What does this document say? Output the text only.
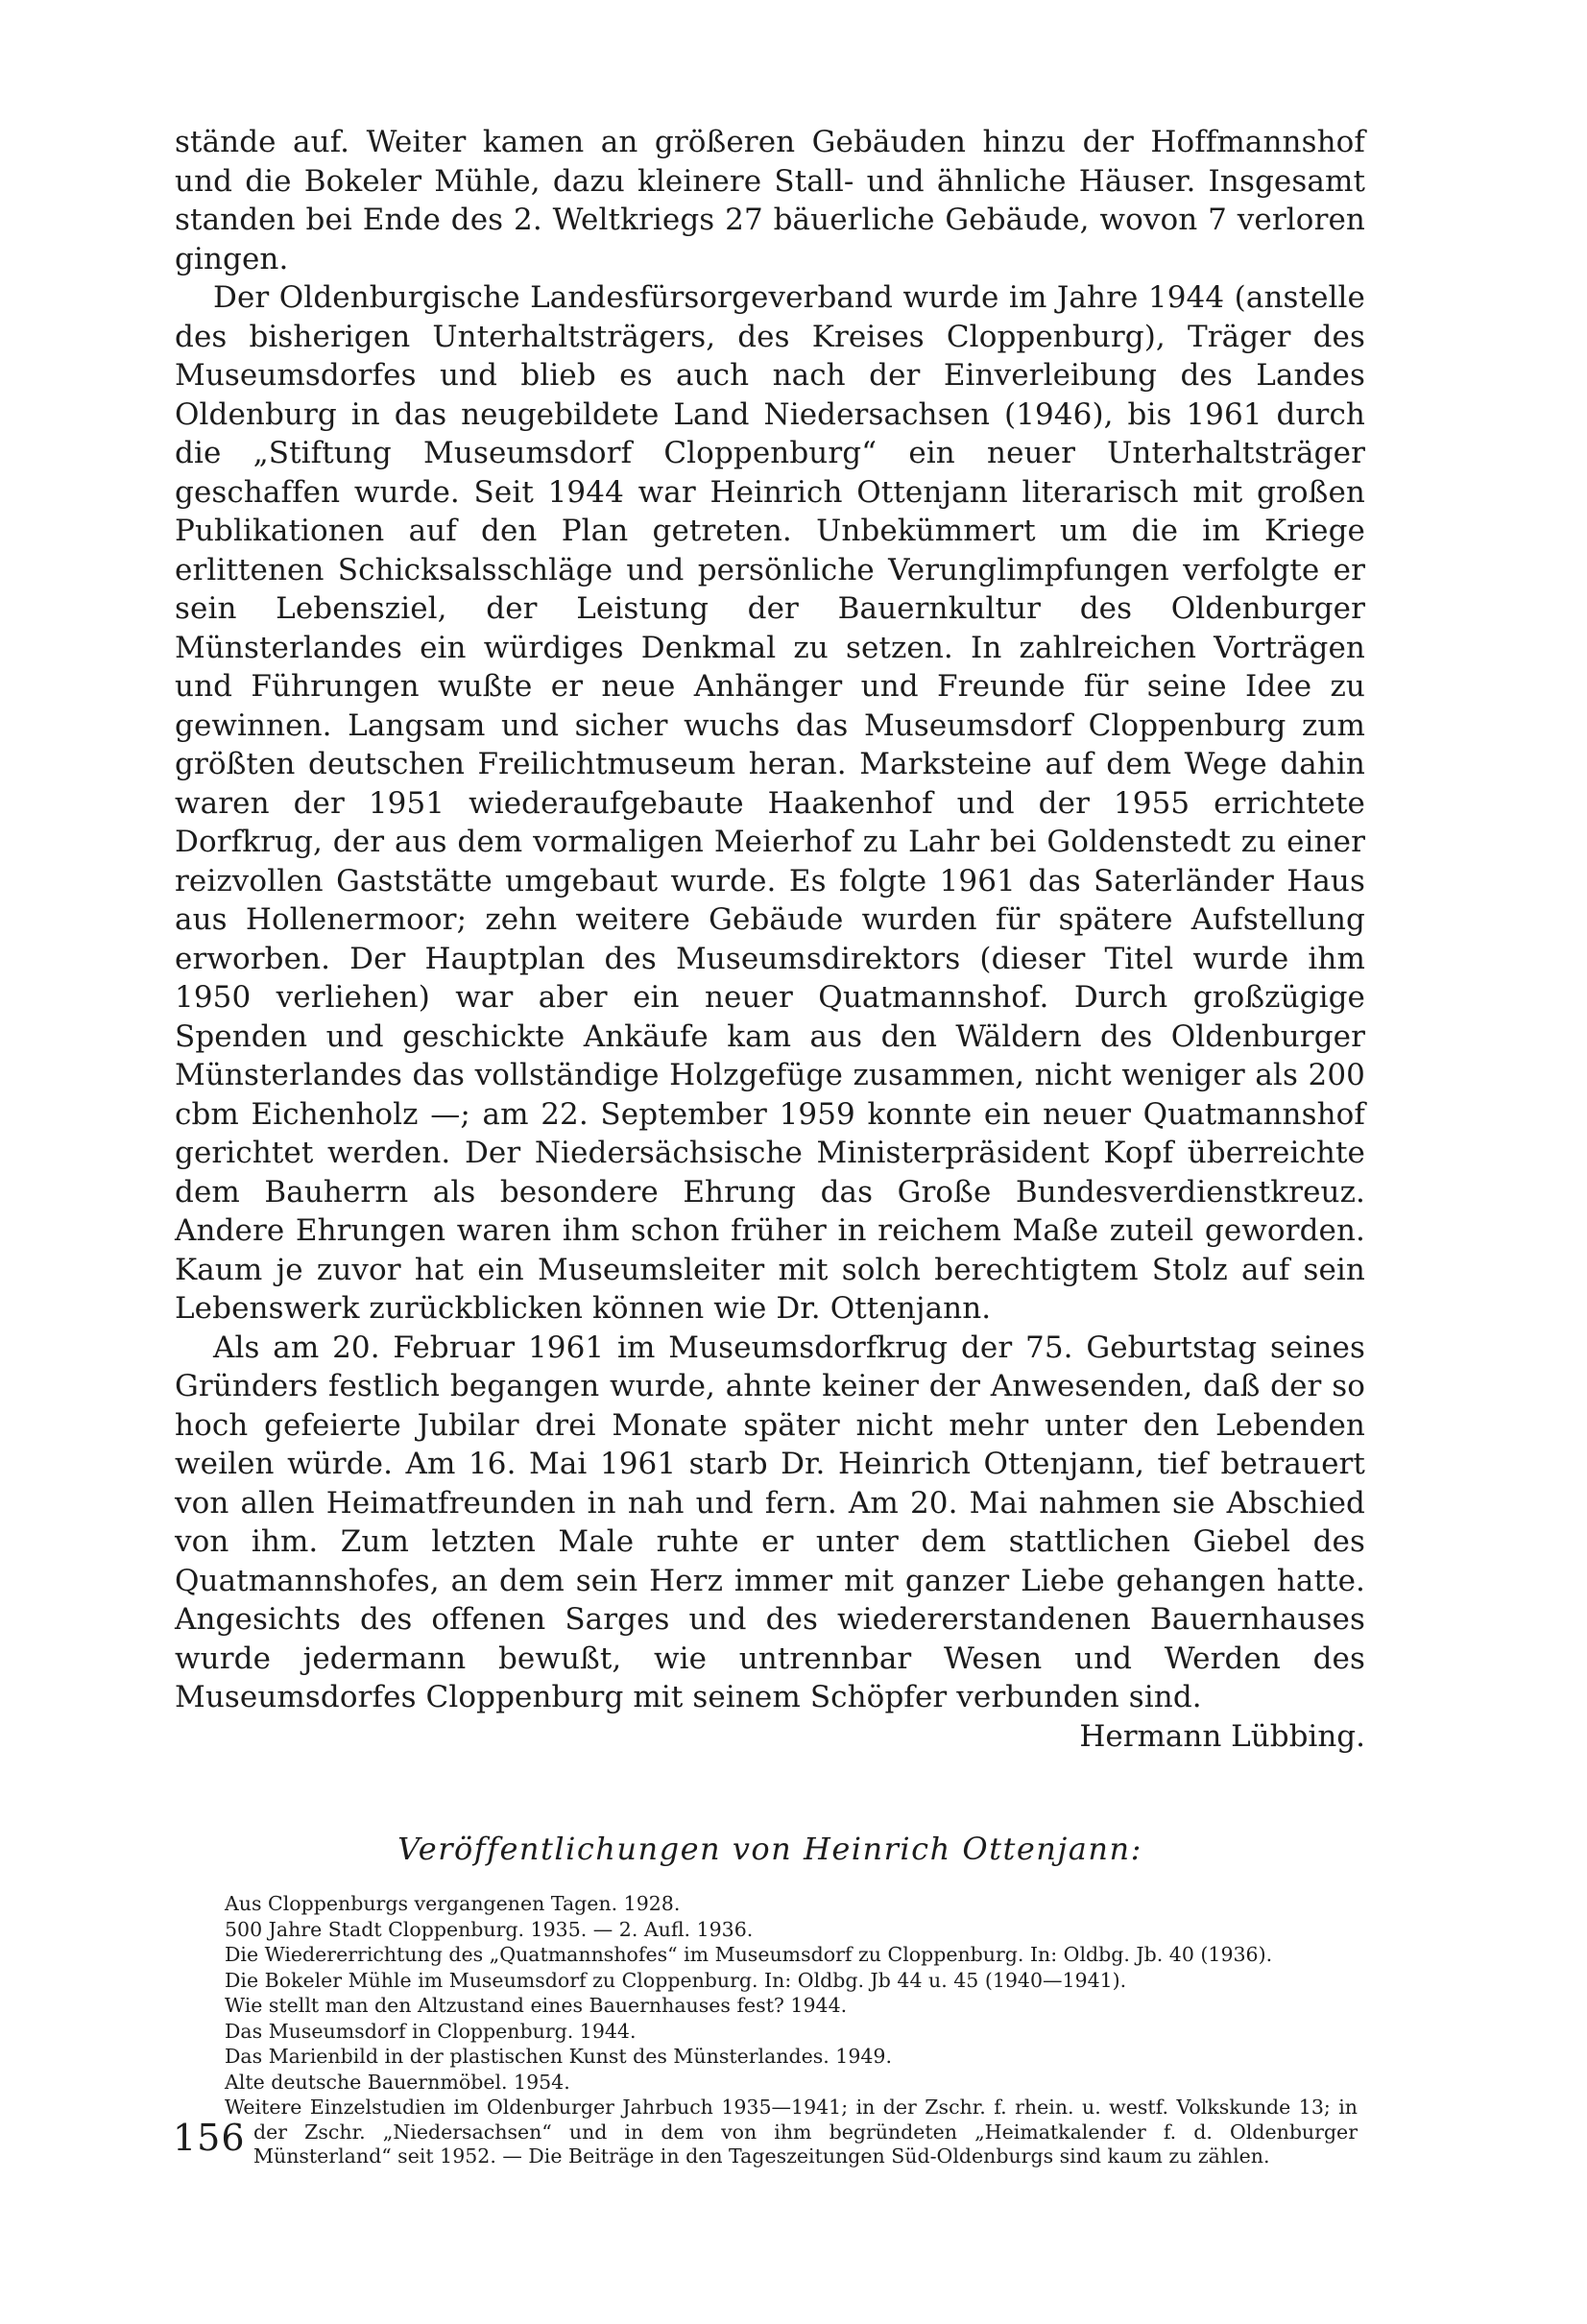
stände auf. Weiter kamen an größeren Gebäuden hinzu der Hoffmannshof und die Bokeler Mühle, dazu kleinere Stall- und ähnliche Häuser. Insgesamt standen bei Ende des 2. Weltkriegs 27 bäuerliche Gebäude, wovon 7 verloren gingen.

Der Oldenburgische Landesfürsorgeverband wurde im Jahre 1944 (anstelle des bisherigen Unterhaltsträgers, des Kreises Cloppenburg), Träger des Museumsdorfes und blieb es auch nach der Einverleibung des Landes Oldenburg in das neugebildete Land Niedersachsen (1946), bis 1961 durch die „Stiftung Museumsdorf Cloppenburg“ ein neuer Unterhaltsträger geschaffen wurde. Seit 1944 war Heinrich Ottenjann literarisch mit großen Publikationen auf den Plan getreten. Unbekümmert um die im Kriege erlittenen Schicksalsschläge und persönliche Verunglimpfungen verfolgte er sein Lebensziel, der Leistung der Bauernkultur des Oldenburger Münsterlandes ein würdiges Denkmal zu setzen. In zahlreichen Vorträgen und Führungen wußte er neue Anhänger und Freunde für seine Idee zu gewinnen. Langsam und sicher wuchs das Museumsdorf Cloppenburg zum größten deutschen Freilichtmuseum heran. Marksteine auf dem Wege dahin waren der 1951 wiederaufgebaute Haakenhof und der 1955 errichtete Dorfkrug, der aus dem vormaligen Meierhof zu Lahr bei Goldenstedt zu einer reizvollen Gaststätte umgebaut wurde. Es folgte 1961 das Saterländer Haus aus Hollenermoor; zehn weitere Gebäude wurden für spätere Aufstellung erworben. Der Hauptplan des Museumsdirektors (dieser Titel wurde ihm 1950 verliehen) war aber ein neuer Quatmannshof. Durch großzügige Spenden und geschickte Ankäufe kam aus den Wäldern des Oldenburger Münsterlandes das vollständige Holzgefüge zusammen, nicht weniger als 200 cbm Eichenholz —; am 22. September 1959 konnte ein neuer Quatmannshof gerichtet werden. Der Niedersächsische Ministerpräsident Kopf überreichte dem Bauherrn als besondere Ehrung das Große Bundesverdienstkreuz. Andere Ehrungen waren ihm schon früher in reichem Maße zuteil geworden. Kaum je zuvor hat ein Museumsleiter mit solch berechtigtem Stolz auf sein Lebenswerk zurückblicken können wie Dr. Ottenjann.

Als am 20. Februar 1961 im Museumsdorfkrug der 75. Geburtstag seines Gründers festlich begangen wurde, ahnte keiner der Anwesenden, daß der so hoch gefeierte Jubilar drei Monate später nicht mehr unter den Lebenden weilen würde. Am 16. Mai 1961 starb Dr. Heinrich Ottenjann, tief betrauert von allen Heimatfreunden in nah und fern. Am 20. Mai nahmen sie Abschied von ihm. Zum letzten Male ruhte er unter dem stattlichen Giebel des Quatmannshofes, an dem sein Herz immer mit ganzer Liebe gehangen hatte. Angesichts des offenen Sarges und des wiedererstandenen Bauernhauses wurde jedermann bewußt, wie untrennbar Wesen und Werden des Museumsdorfes Cloppenburg mit seinem Schöpfer verbunden sind.

Hermann Lübbing.

Veröffentlichungen von Heinrich Ottenjann:

Aus Cloppenburgs vergangenen Tagen. 1928.

500 Jahre Stadt Cloppenburg. 1935. — 2. Aufl. 1936.

Die Wiedererrichtung des „Quatmannshofes“ im Museumsdorf zu Cloppenburg. In: Oldbg. Jb. 40 (1936).

Die Bokeler Mühle im Museumsdorf zu Cloppenburg. In: Oldbg. Jb 44 u. 45 (1940—1941).

Wie stellt man den Altzustand eines Bauernhauses fest? 1944.

Das Museumsdorf in Cloppenburg. 1944.

Das Marienbild in der plastischen Kunst des Münsterlandes. 1949.

Alte deutsche Bauernmöbel. 1954.

Weitere Einzelstudien im Oldenburger Jahrbuch 1935—1941; in der Zschr. f. rhein. u. westf. Volkskunde 13; in der Zschr. „Niedersachsen“ und in dem von ihm begründeten „Heimatkalender f. d. Oldenburger Münsterland“ seit 1952. — Die Beiträge in den Tageszeitungen Süd-Oldenburgs sind kaum zu zählen.

156
